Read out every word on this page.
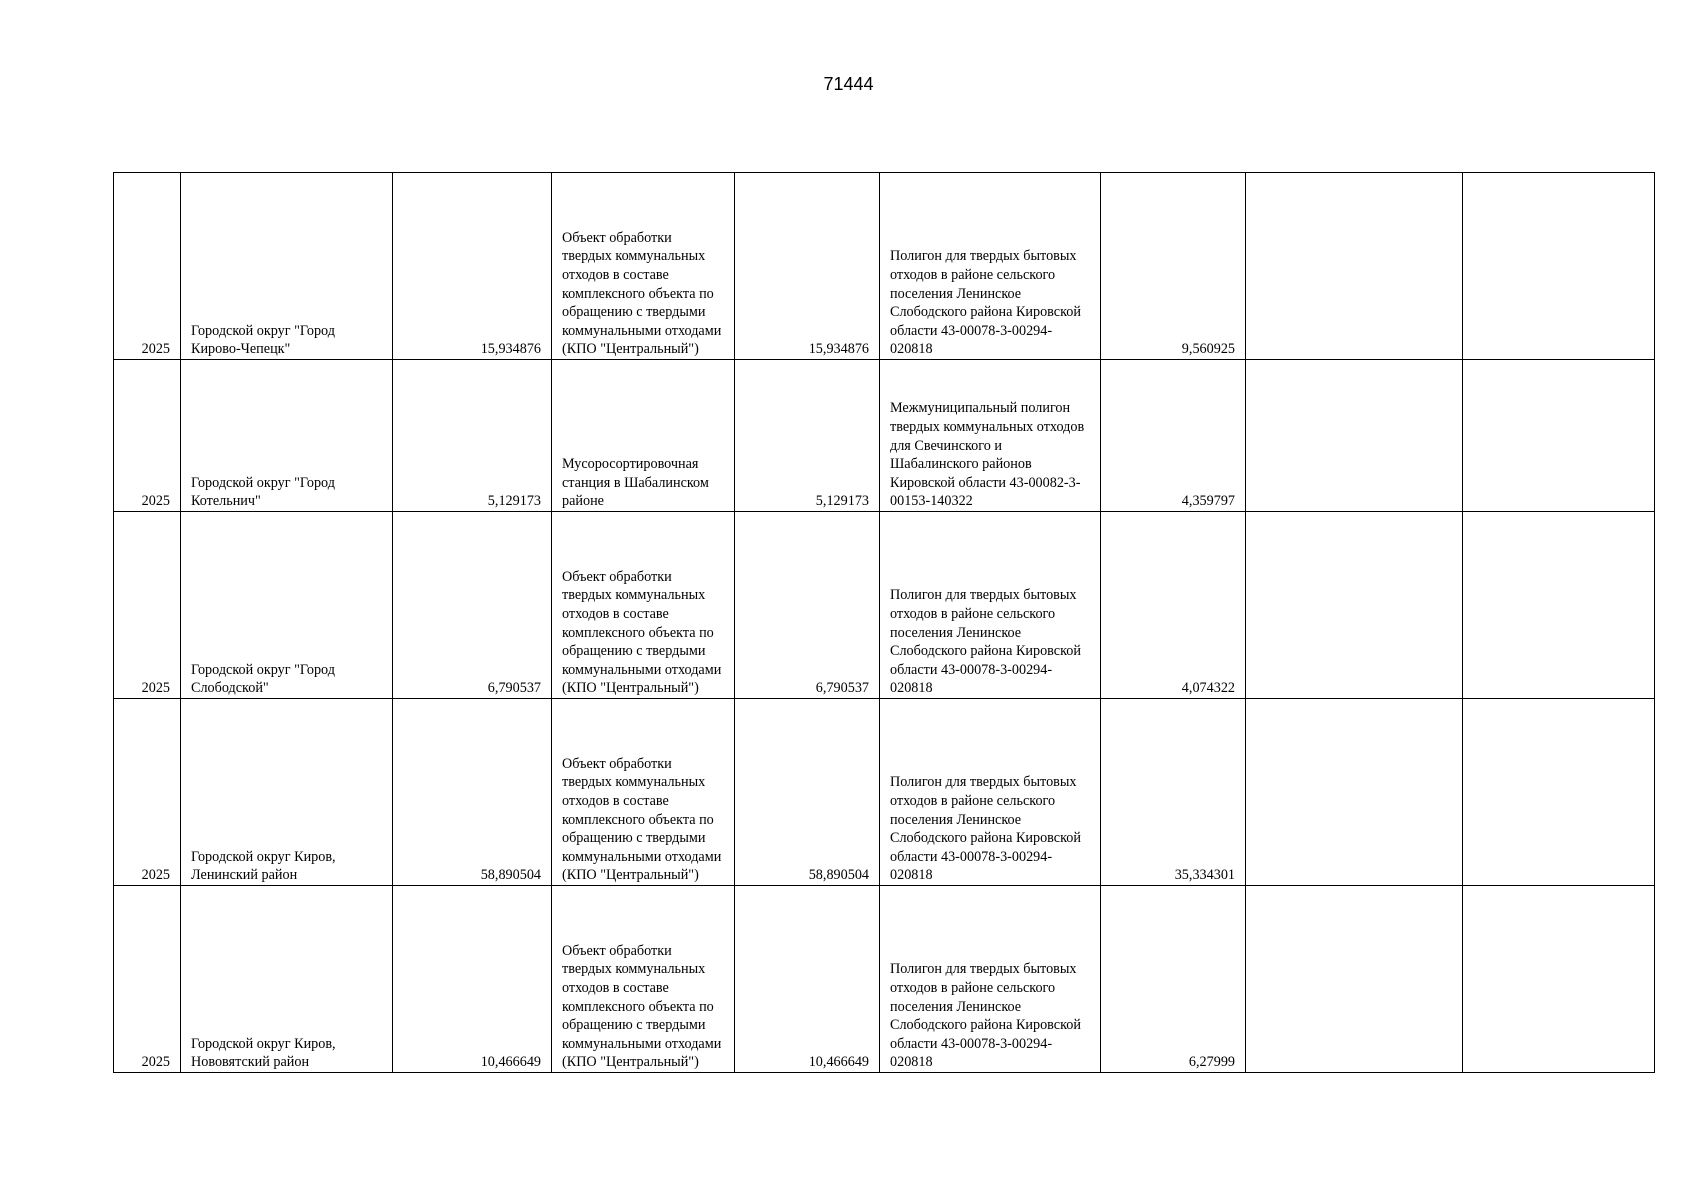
71444
2025	Городской округ "Город Кирово-Чепецк"	15,934876	Объект обработки твердых коммунальных отходов в составе комплексного объекта по обращению с твердыми коммунальными отходами (КПО "Центральный")	15,934876	Полигон для твердых бытовых отходов в районе сельского поселения Ленинское Слободского района Кировской области 43-00078-3-00294-020818	9,560925		
2025	Городской округ "Город Котельнич"	5,129173	Мусоросортировочная станция в Шабалинском районе	5,129173	Межмуниципальный полигон твердых коммунальных отходов для Свечинского и Шабалинского районов Кировской области 43-00082-3-00153-140322	4,359797		
2025	Городской округ "Город Слободской"	6,790537	Объект обработки твердых коммунальных отходов в составе комплексного объекта по обращению с твердыми коммунальными отходами (КПО "Центральный")	6,790537	Полигон для твердых бытовых отходов в районе сельского поселения Ленинское Слободского района Кировской области 43-00078-3-00294-020818	4,074322		
2025	Городской округ Киров, Ленинский район	58,890504	Объект обработки твердых коммунальных отходов в составе комплексного объекта по обращению с твердыми коммунальными отходами (КПО "Центральный")	58,890504	Полигон для твердых бытовых отходов в районе сельского поселения Ленинское Слободского района Кировской области 43-00078-3-00294-020818	35,334301		
2025	Городской округ Киров, Нововятский район	10,466649	Объект обработки твердых коммунальных отходов в составе комплексного объекта по обращению с твердыми коммунальными отходами (КПО "Центральный")	10,466649	Полигон для твердых бытовых отходов в районе сельского поселения Ленинское Слободского района Кировской области 43-00078-3-00294-020818	6,27999		
